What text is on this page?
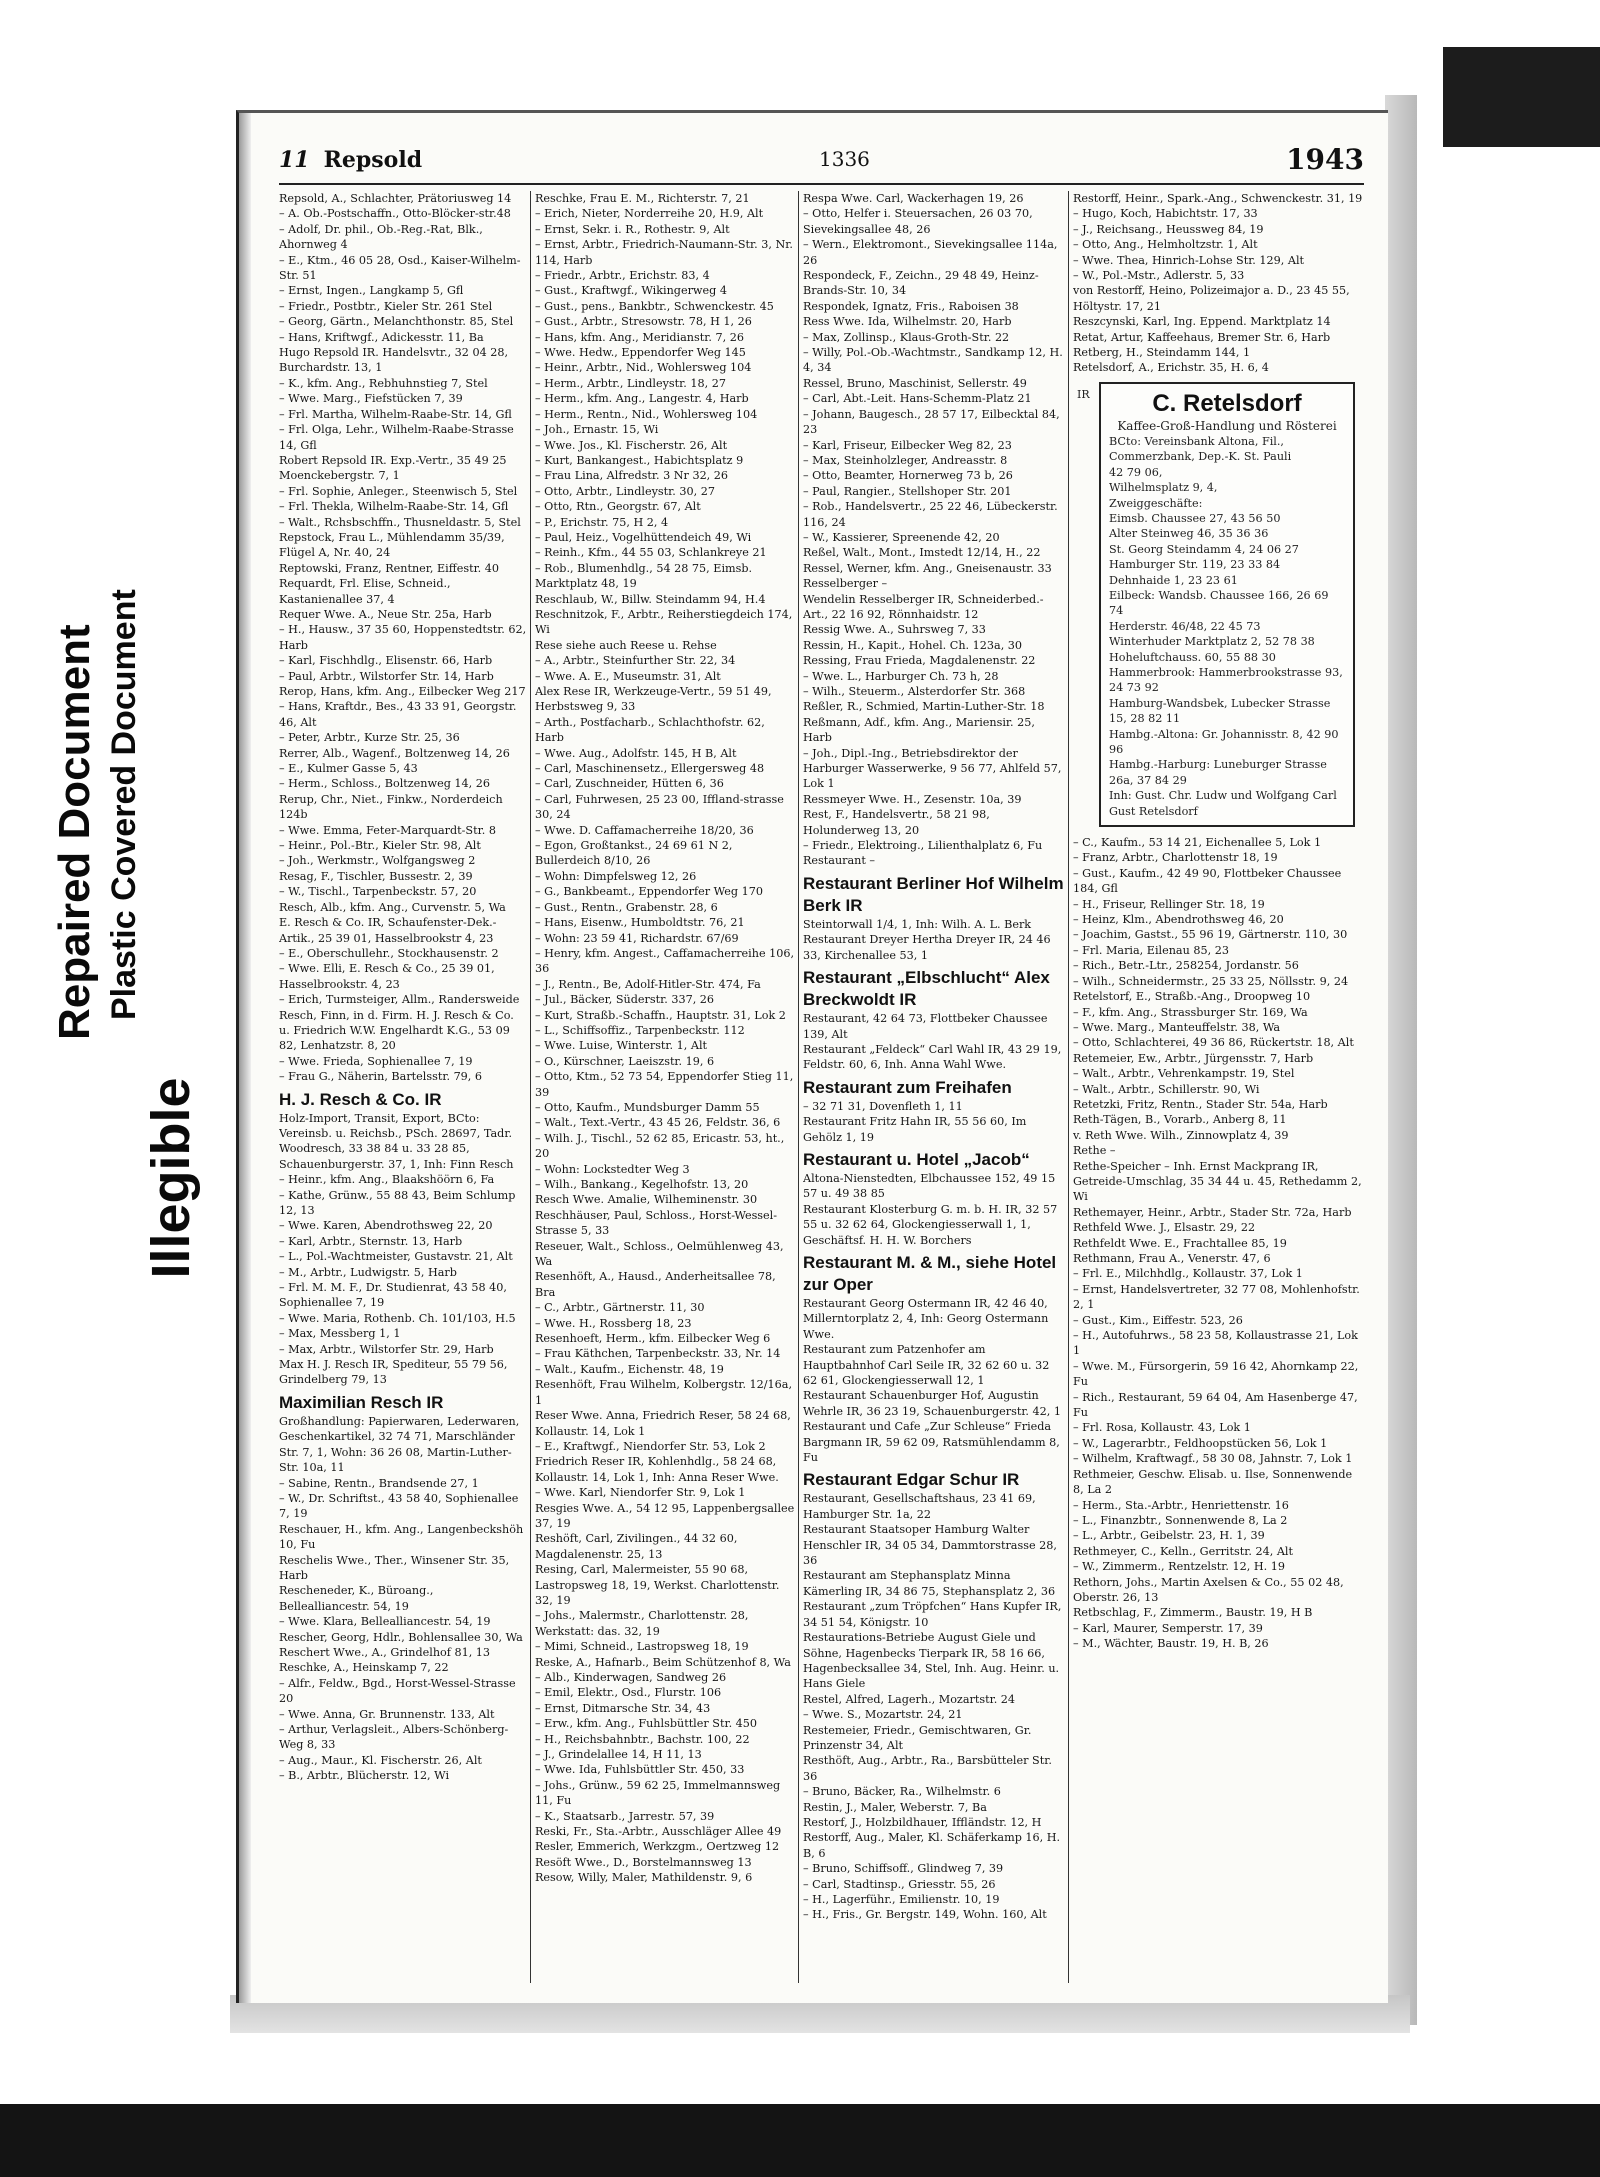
Repaired Document Plastic Covered Document
Illegible
11 Repsold	1336	1943
Repsold, A., Schlachter, Prätoriusweg 14
– A. Ob.-Postschaffn., Otto-Blöcker-str.48
– Adolf, Dr. phil., Ob.-Reg.-Rat, Blk., Ahornweg 4
– E., Ktm., 46 05 28, Osd., Kaiser-Wilhelm-Str. 51
– Ernst, Ingen., Langkamp 5, Gfl
– Friedr., Postbtr., Kieler Str. 261 Stel
– Georg, Gärtn., Melanchthonstr. 85, Stel
– Hans, Kriftwgf., Adickesstr. 11, Ba
Hugo Repsold IR. Handelsvtr., 32 04 28, Burchardstr. 13, 1
– K., kfm. Ang., Rebhuhnstieg 7, Stel
– Wwe. Marg., Fiefstücken 7, 39
– Frl. Martha, Wilhelm-Raabe-Str. 14, Gfl
– Frl. Olga, Lehr., Wilhelm-Raabe-Strasse 14, Gfl
Robert Repsold IR. Exp.-Vertr., 35 49 25 Moenckebergstr. 7, 1
– Frl. Sophie, Anleger., Steenwisch 5, Stel
– Frl. Thekla, Wilhelm-Raabe-Str. 14, Gfl
– Walt., Rchsbschffn., Thusneldastr. 5, Stel
Repstock, Frau L., Mühlendamm 35/39, Flügel A, Nr. 40, 24
Reptowski, Franz, Rentner, Eiffestr. 40
Requardt, Frl. Elise, Schneid., Kastanienallee 37, 4
Requer Wwe. A., Neue Str. 25a, Harb
– H., Hausw., 37 35 60, Hoppenstedtstr. 62, Harb
– Karl, Fischhdlg., Elisenstr. 66, Harb
– Paul, Arbtr., Wilstorfer Str. 14, Harb
Rerop, Hans, kfm. Ang., Eilbecker Weg 217
– Hans, Kraftdr., Bes., 43 33 91, Georgstr. 46, Alt
– Peter, Arbtr., Kurze Str. 25, 36
Rerrer, Alb., Wagenf., Boltzenweg 14, 26
– E., Kulmer Gasse 5, 43
– Herm., Schloss., Boltzenweg 14, 26
Rerup, Chr., Niet., Finkw., Norderdeich 124b
– Wwe. Emma, Feter-Marquardt-Str. 8
– Heinr., Pol.-Btr., Kieler Str. 98, Alt
– Joh., Werkmstr., Wolfgangsweg 2
Resag, F., Tischler, Bussestr. 2, 39
– W., Tischl., Tarpenbeckstr. 57, 20
Resch, Alb., kfm. Ang., Curvenstr. 5, Wa
E. Resch & Co. IR, Schaufenster-Dek.-Artik., 25 39 01, Hasselbrookstr 4, 23
– E., Oberschullehr., Stockhausenstr. 2
– Wwe. Elli, E. Resch & Co., 25 39 01, Hasselbrookstr. 4, 23
– Erich, Turmsteiger, Allm., Randersweide
Resch, Finn, in d. Firm. H. J. Resch & Co. u. Friedrich W.W. Engelhardt K.G., 53 09 82, Lenhatzstr. 8, 20
– Wwe. Frieda, Sophienallee 7, 19
– Frau G., Näherin, Bartelsstr. 79, 6
H. J. Resch & Co. IR
Holz-Import, Transit, Export, BCto: Vereinsb. u. Reichsb., PSch. 28697, Tadr. Woodresch, 33 38 84 u. 33 28 85, Schauenburgerstr. 37, 1, Inh: Finn Resch
– Heinr., kfm. Ang., Blaakshöörn 6, Fa
– Kathe, Grünw., 55 88 43, Beim Schlump 12, 13
– Wwe. Karen, Abendrothsweg 22, 20
– Karl, Arbtr., Sternstr. 13, Harb
– L., Pol.-Wachtmeister, Gustavstr. 21, Alt
– M., Arbtr., Ludwigstr. 5, Harb
– Frl. M. M. F., Dr. Studienrat, 43 58 40, Sophienallee 7, 19
– Wwe. Maria, Rothenb. Ch. 101/103, H.5
– Max, Messberg 1, 1
– Max, Arbtr., Wilstorfer Str. 29, Harb
Max H. J. Resch IR, Spediteur, 55 79 56, Grindelberg 79, 13
Maximilian Resch IR
Großhandlung: Papierwaren, Lederwaren, Geschenkartikel, 32 74 71, Marschländer Str. 7, 1, Wohn: 36 26 08, Martin-Luther-Str. 10a, 11
– Sabine, Rentn., Brandsende 27, 1
– W., Dr. Schriftst., 43 58 40, Sophienallee 7, 19
Reschauer, H., kfm. Ang., Langenbeckshöh 10, Fu
Reschelis Wwe., Ther., Winsener Str. 35, Harb
Rescheneder, K., Büroang., Bellealliancestr. 54, 19
– Wwe. Klara, Bellealliancestr. 54, 19
Rescher, Georg, Hdlr., Bohlensallee 30, Wa
Reschert Wwe., A., Grindelhof 81, 13
Reschke, A., Heinskamp 7, 22
– Alfr., Feldw., Bgd., Horst-Wessel-Strasse 20
– Wwe. Anna, Gr. Brunnenstr. 133, Alt
– Arthur, Verlagsleit., Albers-Schönberg-Weg 8, 33
– Aug., Maur., Kl. Fischerstr. 26, Alt
– B., Arbtr., Blücherstr. 12, Wi
Reschke, Frau E. M., Richterstr. 7, 21
– Erich, Nieter, Norderreihe 20, H.9, Alt
– Ernst, Sekr. i. R., Rothestr. 9, Alt
– Ernst, Arbtr., Friedrich-Naumann-Str. 3, Nr. 114, Harb
– Friedr., Arbtr., Erichstr. 83, 4
– Gust., Kraftwgf., Wikingerweg 4
– Gust., pens., Bankbtr., Schwenckestr. 45
– Gust., Arbtr., Stresowstr. 78, H 1, 26
– Hans, kfm. Ang., Meridianstr. 7, 26
– Wwe. Hedw., Eppendorfer Weg 145
– Heinr., Arbtr., Nid., Wohlersweg 104
– Herm., Arbtr., Lindleystr. 18, 27
– Herm., kfm. Ang., Langestr. 4, Harb
– Herm., Rentn., Nid., Wohlersweg 104
– Joh., Ernastr. 15, Wi
– Wwe. Jos., Kl. Fischerstr. 26, Alt
– Kurt, Bankangest., Habichtsplatz 9
– Frau Lina, Alfredstr. 3 Nr 32, 26
– Otto, Arbtr., Lindleystr. 30, 27
– Otto, Rtn., Georgstr. 67, Alt
– P., Erichstr. 75, H 2, 4
– Paul, Heiz., Vogelhüttendeich 49, Wi
– Reinh., Kfm., 44 55 03, Schlankreye 21
– Rob., Blumenhdlg., 54 28 75, Eimsb. Marktplatz 48, 19
Reschlaub, W., Billw. Steindamm 94, H.4
Reschnitzok, F., Arbtr., Reiherstiegdeich 174, Wi
Rese siehe auch Reese u. Rehse
– A., Arbtr., Steinfurther Str. 22, 34
– Wwe. A. E., Museumstr. 31, Alt
Alex Rese IR, Werkzeuge-Vertr., 59 51 49, Herbstsweg 9, 33
– Arth., Postfacharb., Schlachthofstr. 62, Harb
– Wwe. Aug., Adolfstr. 145, H B, Alt
– Carl, Maschinensetz., Ellergersweg 48
– Carl, Zuschneider, Hütten 6, 36
– Carl, Fuhrwesen, 25 23 00, Iffland-strasse 30, 24
– Wwe. D. Caffamacherreihe 18/20, 36
– Egon, Großtankst., 24 69 61 N 2, Bullerdeich 8/10, 26
– Wohn: Dimpfelsweg 12, 26
– G., Bankbeamt., Eppendorfer Weg 170
– Gust., Rentn., Grabenstr. 28, 6
– Hans, Eisenw., Humboldtstr. 76, 21
– Wohn: 23 59 41, Richardstr. 67/69
– Henry, kfm. Angest., Caffamacherreihe 106, 36
– J., Rentn., Be, Adolf-Hitler-Str. 474, Fa
– Jul., Bäcker, Süderstr. 337, 26
– Kurt, Straßb.-Schaffn., Hauptstr. 31, Lok 2
– L., Schiffsoffiz., Tarpenbeckstr. 112
– Wwe. Luise, Winterstr. 1, Alt
– O., Kürschner, Laeiszstr. 19, 6
– Otto, Ktm., 52 73 54, Eppendorfer Stieg 11, 39
– Otto, Kaufm., Mundsburger Damm 55
– Walt., Text.-Vertr., 43 45 26, Feldstr. 36, 6
– Wilh. J., Tischl., 52 62 85, Ericastr. 53, ht., 20
– Wohn: Lockstedter Weg 3
– Wilh., Bankang., Kegelhofstr. 13, 20
Resch Wwe. Amalie, Wilheminenstr. 30
Reschhäuser, Paul, Schloss., Horst-Wessel-Strasse 5, 33
Reseuer, Walt., Schloss., Oelmühlenweg 43, Wa
Resenhöft, A., Hausd., Anderheitsallee 78, Bra
– C., Arbtr., Gärtnerstr. 11, 30
– Wwe. H., Rossberg 18, 23
Resenhoeft, Herm., kfm. Eilbecker Weg 6
– Frau Käthchen, Tarpenbeckstr. 33, Nr. 14
– Walt., Kaufm., Eichenstr. 48, 19
Resenhöft, Frau Wilhelm, Kolbergstr. 12/16a, 1
Reser Wwe. Anna, Friedrich Reser, 58 24 68, Kollaustr. 14, Lok 1
– E., Kraftwgf., Niendorfer Str. 53, Lok 2
Friedrich Reser IR, Kohlenhdlg., 58 24 68, Kollaustr. 14, Lok 1, Inh: Anna Reser Wwe.
– Wwe. Karl, Niendorfer Str. 9, Lok 1
Resgies Wwe. A., 54 12 95, Lappenbergsallee 37, 19
Reshöft, Carl, Zivilingen., 44 32 60, Magdalenenstr. 25, 13
Resing, Carl, Malermeister, 55 90 68, Lastropsweg 18, 19, Werkst. Charlottenstr. 32, 19
– Johs., Malermstr., Charlottenstr. 28, Werkstatt: das. 32, 19
– Mimi, Schneid., Lastropsweg 18, 19
Reske, A., Hafnarb., Beim Schützenhof 8, Wa
– Alb., Kinderwagen, Sandweg 26
– Emil, Elektr., Osd., Flurstr. 106
– Ernst, Ditmarsche Str. 34, 43
– Erw., kfm. Ang., Fuhlsbüttler Str. 450
– H., Reichsbahnbtr., Bachstr. 100, 22
– J., Grindelallee 14, H 11, 13
– Wwe. Ida, Fuhlsbüttler Str. 450, 33
– Johs., Grünw., 59 62 25, Immelmannsweg 11, Fu
– K., Staatsarb., Jarrestr. 57, 39
Reski, Fr., Sta.-Arbtr., Ausschläger Allee 49
Resler, Emmerich, Werkzgm., Oertzweg 12
Resöft Wwe., D., Borstelmannsweg 13
Resow, Willy, Maler, Mathildenstr. 9, 6
Respa Wwe. Carl, Wackerhagen 19, 26
– Otto, Helfer i. Steuersachen, 26 03 70, Sievekingsallee 48, 26
– Wern., Elektromont., Sievekingsallee 114a, 26
Respondeck, F., Zeichn., 29 48 49, Heinz-Brands-Str. 10, 34
Respondek, Ignatz, Fris., Raboisen 38
Ress Wwe. Ida, Wilhelmstr. 20, Harb
– Max, Zollinsp., Klaus-Groth-Str. 22
– Willy, Pol.-Ob.-Wachtmstr., Sandkamp 12, H. 4, 34
Ressel, Bruno, Maschinist, Sellerstr. 49
– Carl, Abt.-Leit. Hans-Schemm-Platz 21
– Johann, Baugesch., 28 57 17, Eilbecktal 84, 23
– Karl, Friseur, Eilbecker Weg 82, 23
– Max, Steinholzleger, Andreasstr. 8
– Otto, Beamter, Hornerweg 73 b, 26
– Paul, Rangier., Stellshoper Str. 201
– Rob., Handelsvertr., 25 22 46, Lübeckerstr. 116, 24
– W., Kassierer, Spreenende 42, 20
Reßel, Walt., Mont., Imstedt 12/14, H., 22
Ressel, Werner, kfm. Ang., Gneisenaustr. 33
Resselberger –
Wendelin Resselberger IR, Schneiderbed.-Art., 22 16 92, Rönnhaidstr. 12
Ressig Wwe. A., Suhrsweg 7, 33
Ressin, H., Kapit., Hohel. Ch. 123a, 30
Ressing, Frau Frieda, Magdalenenstr. 22
– Wwe. L., Harburger Ch. 73 h, 28
– Wilh., Steuerm., Alsterdorfer Str. 368
Reßler, R., Schmied, Martin-Luther-Str. 18
Reßmann, Adf., kfm. Ang., Mariensir. 25, Harb
– Joh., Dipl.-Ing., Betriebsdirektor der Harburger Wasserwerke, 9 56 77, Ahlfeld 57, Lok 1
Ressmeyer Wwe. H., Zesenstr. 10a, 39
Rest, F., Handelsvertr., 58 21 98, Holunderweg 13, 20
– Friedr., Elektroing., Lilienthalplatz 6, Fu
Restaurant –
Restaurant Berliner Hof Wilhelm Berk IR
Steintorwall 1/4, 1, Inh: Wilh. A. L. Berk
Restaurant Dreyer Hertha Dreyer IR, 24 46 33, Kirchenallee 53, 1
Restaurant „Elbschlucht“ Alex Breckwoldt IR
Restaurant, 42 64 73, Flottbeker Chaussee 139, Alt
Restaurant „Feldeck“ Carl Wahl IR, 43 29 19, Feldstr. 60, 6, Inh. Anna Wahl Wwe.
Restaurant zum Freihafen
– 32 71 31, Dovenfleth 1, 11
Restaurant Fritz Hahn IR, 55 56 60, Im Gehölz 1, 19
Restaurant u. Hotel „Jacob“
Altona-Nienstedten, Elbchaussee 152, 49 15 57 u. 49 38 85
Restaurant Klosterburg G. m. b. H. IR, 32 57 55 u. 32 62 64, Glockengiesserwall 1, 1, Geschäftsf. H. H. W. Borchers
Restaurant M. & M., siehe Hotel zur Oper
Restaurant Georg Ostermann IR, 42 46 40, Millerntorplatz 2, 4, Inh: Georg Ostermann Wwe.
Restaurant zum Patzenhofer am Hauptbahnhof Carl Seile IR, 32 62 60 u. 32 62 61, Glockengiesserwall 12, 1
Restaurant Schauenburger Hof, Augustin Wehrle IR, 36 23 19, Schauenburgerstr. 42, 1
Restaurant und Cafe „Zur Schleuse“ Frieda Bargmann IR, 59 62 09, Ratsmühlendamm 8, Fu
Restaurant Edgar Schur IR
Restaurant, Gesellschaftshaus, 23 41 69, Hamburger Str. 1a, 22
Restaurant Staatsoper Hamburg Walter Henschler IR, 34 05 34, Dammtorstrasse 28, 36
Restaurant am Stephansplatz Minna Kämerling IR, 34 86 75, Stephansplatz 2, 36
Restaurant „zum Tröpfchen“ Hans Kupfer IR, 34 51 54, Königstr. 10
Restaurations-Betriebe August Giele und Söhne, Hagenbecks Tierpark IR, 58 16 66, Hagenbecksallee 34, Stel, Inh. Aug. Heinr. u. Hans Giele
Restel, Alfred, Lagerh., Mozartstr. 24
– Wwe. S., Mozartstr. 24, 21
Restemeier, Friedr., Gemischtwaren, Gr. Prinzenstr 34, Alt
Resthöft, Aug., Arbtr., Ra., Barsbütteler Str. 36
– Bruno, Bäcker, Ra., Wilhelmstr. 6
Restin, J., Maler, Weberstr. 7, Ba
Restorf, J., Holzbildhauer, Iffländstr. 12, H
Restorff, Aug., Maler, Kl. Schäferkamp 16, H. B, 6
– Bruno, Schiffsoff., Glindweg 7, 39
– Carl, Stadtinsp., Griesstr. 55, 26
– H., Lagerführ., Emilienstr. 10, 19
– H., Fris., Gr. Bergstr. 149, Wohn. 160, Alt
Restorff, Heinr., Spark.-Ang., Schwenckestr. 31, 19
– Hugo, Koch, Habichtstr. 17, 33
– J., Reichsang., Heussweg 84, 19
– Otto, Ang., Helmholtzstr. 1, Alt
– Wwe. Thea, Hinrich-Lohse Str. 129, Alt
– W., Pol.-Mstr., Adlerstr. 5, 33
von Restorff, Heino, Polizeimajor a. D., 23 45 55, Höltystr. 17, 21
Reszcynski, Karl, Ing. Eppend. Marktplatz 14
Retat, Artur, Kaffeehaus, Bremer Str. 6, Harb
Retberg, H., Steindamm 144, 1
Retelsdorf, A., Erichstr. 35, H. 6, 4
IR	C. Retelsdorf
Kaffee-Groß-Handlung und Rösterei
BCto: Vereinsbank Altona, Fil., Commerzbank, Dep.-K. St. Pauli
42 79 06,
Wilhelmsplatz 9, 4,
Zweiggeschäfte:
Eimsb. Chaussee 27, 43 56 50
Alter Steinweg 46, 35 36 36
St. Georg Steindamm 4, 24 06 27
Hamburger Str. 119, 23 33 84
Dehnhaide 1, 23 23 61
Eilbeck: Wandsb. Chaussee 166, 26 69 74
Herderstr. 46/48, 22 45 73
Winterhuder Marktplatz 2, 52 78 38
Hoheluftchauss. 60, 55 88 30
Hammerbrook: Hammerbrookstrasse 93, 24 73 92
Hamburg-Wandsbek, Lubecker Strasse 15, 28 82 11
Hambg.-Altona: Gr. Johannisstr. 8, 42 90 96
Hambg.-Harburg: Luneburger Strasse 26a, 37 84 29
Inh: Gust. Chr. Ludw und Wolfgang Carl Gust Retelsdorf
– C., Kaufm., 53 14 21, Eichenallee 5, Lok 1
– Franz, Arbtr., Charlottenstr 18, 19
– Gust., Kaufm., 42 49 90, Flottbeker Chaussee 184, Gfl
– H., Friseur, Rellinger Str. 18, 19
– Heinz, Klm., Abendrothsweg 46, 20
– Joachim, Gastst., 55 96 19, Gärtnerstr. 110, 30
– Frl. Maria, Eilenau 85, 23
– Rich., Betr.-Ltr., 258254, Jordanstr. 56
– Wilh., Schneidermstr., 25 33 25, Nöllsstr. 9, 24
Retelstorf, E., Straßb.-Ang., Droopweg 10
– F., kfm. Ang., Strassburger Str. 169, Wa
– Wwe. Marg., Manteuffelstr. 38, Wa
– Otto, Schlachterei, 49 36 86, Rückertstr. 18, Alt
Retemeier, Ew., Arbtr., Jürgensstr. 7, Harb
– Walt., Arbtr., Vehrenkampstr. 19, Stel
– Walt., Arbtr., Schillerstr. 90, Wi
Retetzki, Fritz, Rentn., Stader Str. 54a, Harb
Reth-Tägen, B., Vorarb., Anberg 8, 11
v. Reth Wwe. Wilh., Zinnowplatz 4, 39
Rethe –
Rethe-Speicher – Inh. Ernst Mackprang IR, Getreide-Umschlag, 35 34 44 u. 45, Rethedamm 2, Wi
Rethemayer, Heinr., Arbtr., Stader Str. 72a, Harb
Rethfeld Wwe. J., Elsastr. 29, 22
Rethfeldt Wwe. E., Frachtallee 85, 19
Rethmann, Frau A., Venerstr. 47, 6
– Frl. E., Milchhdlg., Kollaustr. 37, Lok 1
– Ernst, Handelsvertreter, 32 77 08, Mohlenhofstr. 2, 1
– Gust., Kim., Eiffestr. 523, 26
– H., Autofuhrws., 58 23 58, Kollaustrasse 21, Lok 1
– Wwe. M., Fürsorgerin, 59 16 42, Ahornkamp 22, Fu
– Rich., Restaurant, 59 64 04, Am Hasenberge 47, Fu
– Frl. Rosa, Kollaustr. 43, Lok 1
– W., Lagerarbtr., Feldhoopstücken 56, Lok 1
– Wilhelm, Kraftwagf., 58 30 08, Jahnstr. 7, Lok 1
Rethmeier, Geschw. Elisab. u. Ilse, Sonnenwende 8, La 2
– Herm., Sta.-Arbtr., Henriettenstr. 16
– L., Finanzbtr., Sonnenwende 8, La 2
– L., Arbtr., Geibelstr. 23, H. 1, 39
Rethmeyer, C., Kelln., Gerritstr. 24, Alt
– W., Zimmerm., Rentzelstr. 12, H. 19
Rethorn, Johs., Martin Axelsen & Co., 55 02 48, Oberstr. 26, 13
Retbschlag, F., Zimmerm., Baustr. 19, H B
– Karl, Maurer, Semperstr. 17, 39
– M., Wächter, Baustr. 19, H. B, 26
